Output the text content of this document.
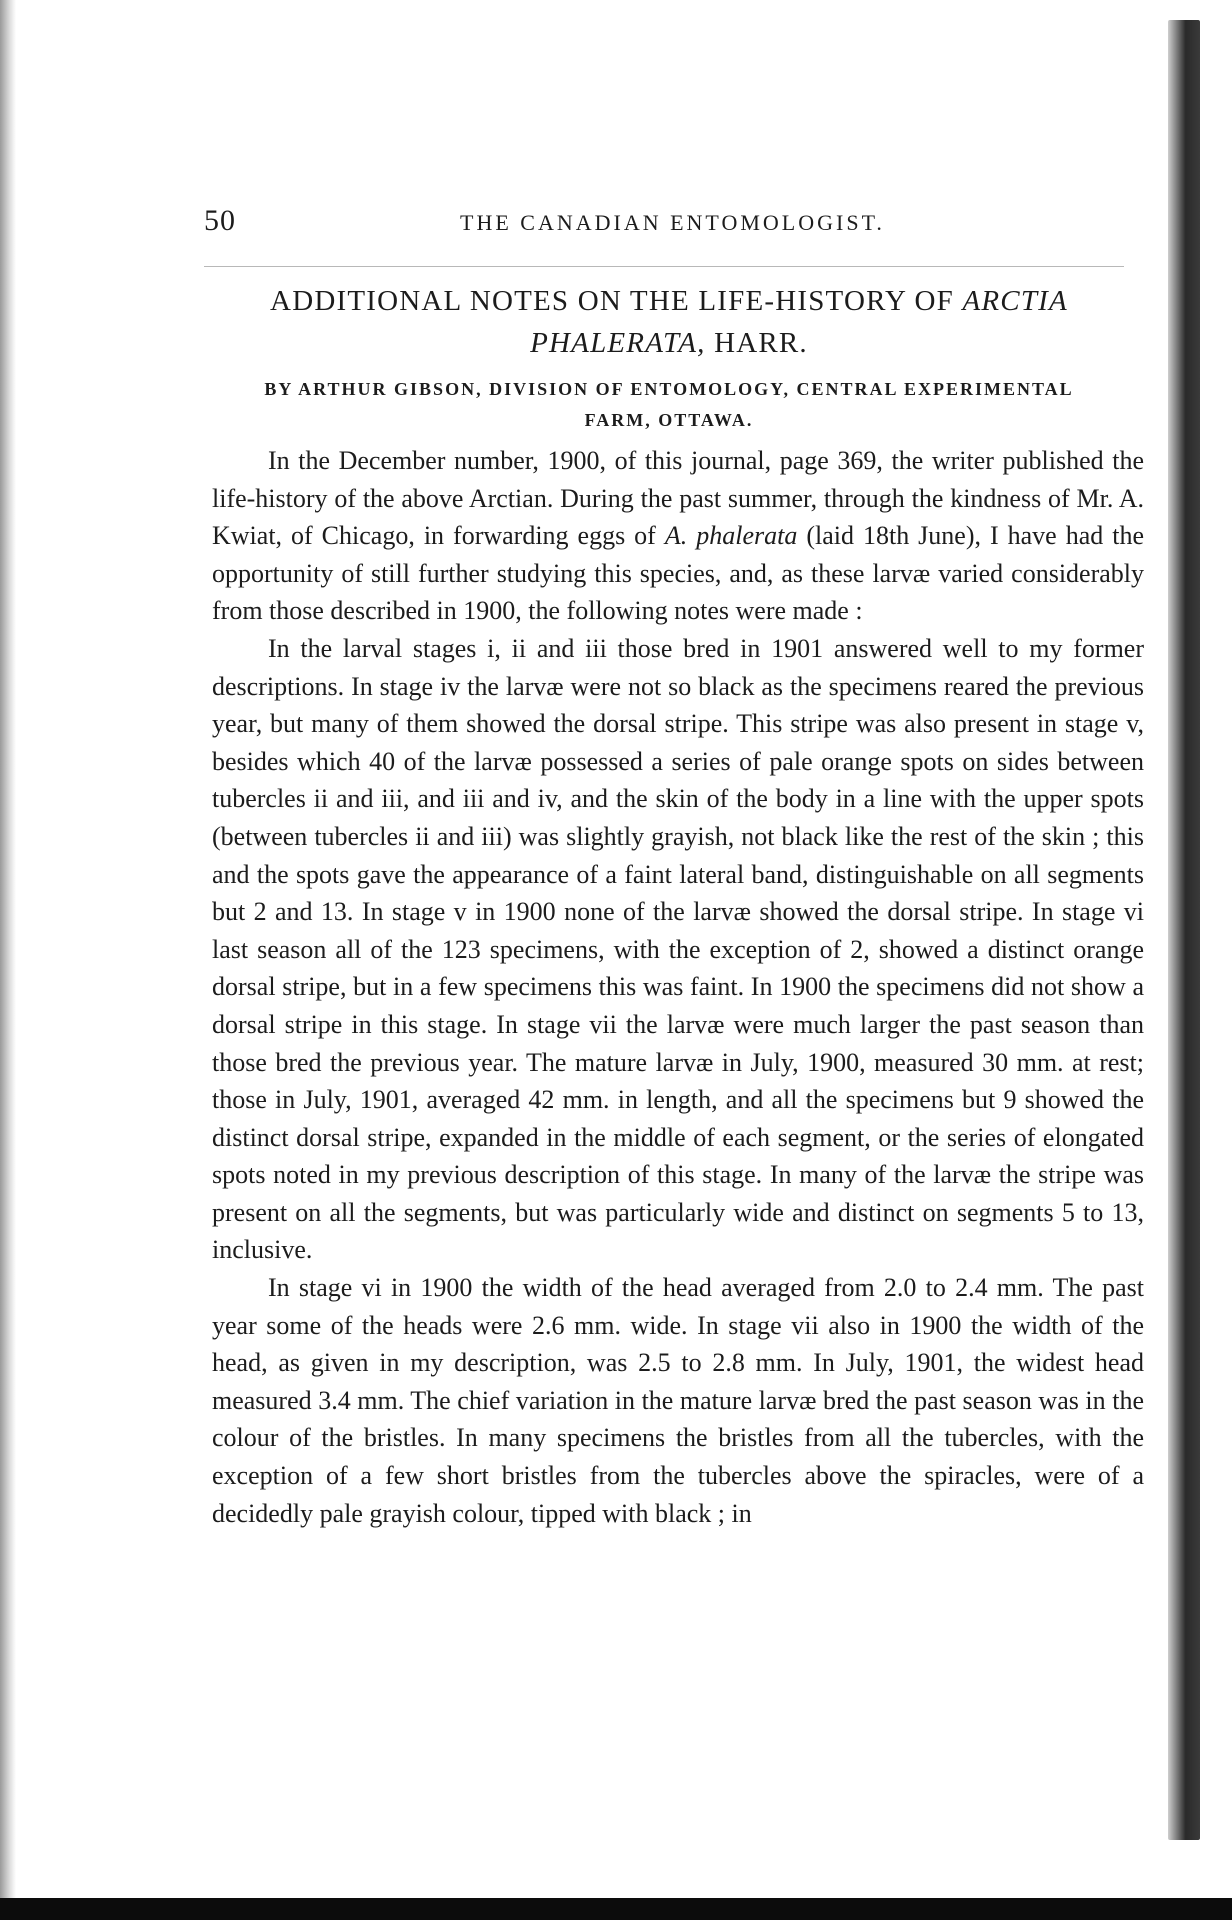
50	THE CANADIAN ENTOMOLOGIST.
ADDITIONAL NOTES ON THE LIFE-HISTORY OF ARCTIA
PHALERATA, HARR.
BY ARTHUR GIBSON, DIVISION OF ENTOMOLOGY, CENTRAL EXPERIMENTAL
FARM, OTTAWA.

In the December number, 1900, of this journal, page 369, the writer published the life-history of the above Arctian. During the past summer, through the kindness of Mr. A. Kwiat, of Chicago, in forwarding eggs of A. phalerata (laid 18th June), I have had the opportunity of still further studying this species, and, as these larvæ varied considerably from those described in 1900, the following notes were made :

In the larval stages i, ii and iii those bred in 1901 answered well to my former descriptions. In stage iv the larvæ were not so black as the specimens reared the previous year, but many of them showed the dorsal stripe. This stripe was also present in stage v, besides which 40 of the larvæ possessed a series of pale orange spots on sides between tubercles ii and iii, and iii and iv, and the skin of the body in a line with the upper spots (between tubercles ii and iii) was slightly grayish, not black like the rest of the skin ; this and the spots gave the appearance of a faint lateral band, distinguishable on all segments but 2 and 13. In stage v in 1900 none of the larvæ showed the dorsal stripe. In stage vi last season all of the 123 specimens, with the exception of 2, showed a distinct orange dorsal stripe, but in a few specimens this was faint. In 1900 the specimens did not show a dorsal stripe in this stage. In stage vii the larvæ were much larger the past season than those bred the previous year. The mature larvæ in July, 1900, measured 30 mm. at rest; those in July, 1901, averaged 42 mm. in length, and all the specimens but 9 showed the distinct dorsal stripe, expanded in the middle of each segment, or the series of elongated spots noted in my previous description of this stage. In many of the larvæ the stripe was present on all the segments, but was particularly wide and distinct on segments 5 to 13, inclusive.

In stage vi in 1900 the width of the head averaged from 2.0 to 2.4 mm. The past year some of the heads were 2.6 mm. wide. In stage vii also in 1900 the width of the head, as given in my description, was 2.5 to 2.8 mm. In July, 1901, the widest head measured 3.4 mm. The chief variation in the mature larvæ bred the past season was in the colour of the bristles. In many specimens the bristles from all the tubercles, with the exception of a few short bristles from the tubercles above the spiracles, were of a decidedly pale grayish colour, tipped with black ; in
